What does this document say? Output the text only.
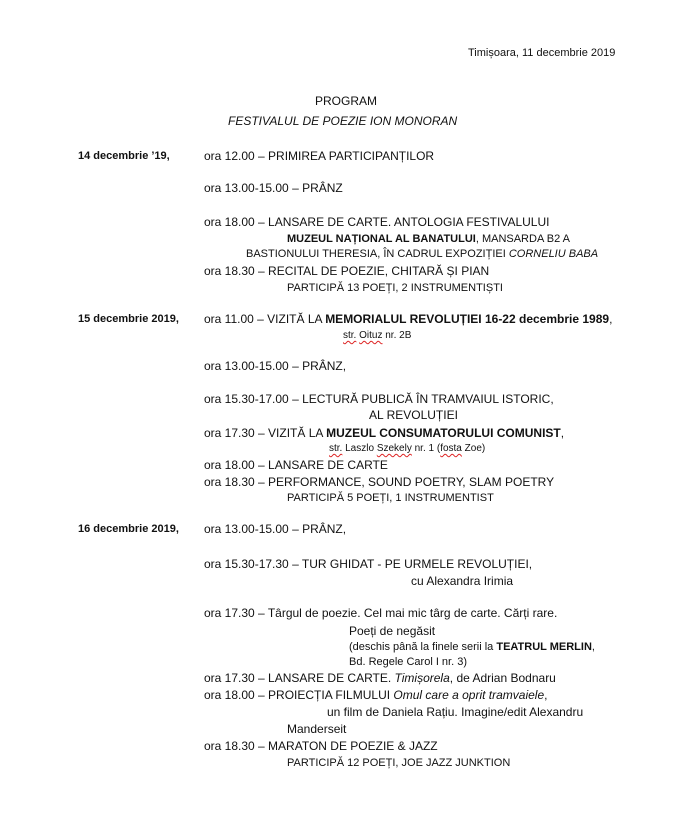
Timișoara, 11 decembrie 2019
PROGRAM
FESTIVALUL DE POEZIE ION MONORAN
14 decembrie ’19,	ora 12.00 – PRIMIREA PARTICIPANȚILOR
ora 13.00-15.00 – PRÂNZ
ora 18.00 – LANSARE DE CARTE. ANTOLOGIA FESTIVALULUI
MUZEUL NAȚIONAL AL BANATULUI, MANSARDA B2 A
BASTIONULUI THERESIA, ÎN CADRUL EXPOZIȚIEI CORNELIU BABA
ora 18.30 – RECITAL DE POEZIE, CHITARĂ ȘI PIAN
PARTICIPĂ 13 POEȚI, 2 INSTRUMENTIȘTI
15 decembrie 2019, ora 11.00 – VIZITĂ LA MEMORIALUL REVOLUȚIEI 16-22 decembrie 1989,
str. Oituz nr. 2B
ora 13.00-15.00 – PRÂNZ,
ora 15.30-17.00 – LECTURĂ PUBLICĂ ÎN TRAMVAIUL ISTORIC,
AL REVOLUȚIEI
ora 17.30 – VIZITĂ LA MUZEUL CONSUMATORULUI COMUNIST,
str. Laszlo Szekely nr. 1 (fosta Zoe)
ora 18.00 – LANSARE DE CARTE
ora 18.30 – PERFORMANCE, SOUND POETRY, SLAM POETRY
PARTICIPĂ 5 POEȚI, 1 INSTRUMENTIST
16 decembrie 2019, ora 13.00-15.00 – PRÂNZ,
ora 15.30-17.30 – TUR GHIDAT - PE URMELE REVOLUȚIEI,
cu Alexandra Irimia
ora 17.30 – Târgul de poezie. Cel mai mic târg de carte. Cărți rare.
Poeți de negăsit
(deschis până la finele serii la TEATRUL MERLIN,
Bd. Regele Carol I nr. 3)
ora 17.30 – LANSARE DE CARTE. Timișorela, de Adrian Bodnaru
ora 18.00 – PROIECȚIA FILMULUI Omul care a oprit tramvaiele,
un film de Daniela Rațiu. Imagine/edit Alexandru
Manderseit
ora 18.30 – MARATON DE POEZIE & JAZZ
PARTICIPĂ 12 POEȚI, JOE JAZZ JUNKTION
